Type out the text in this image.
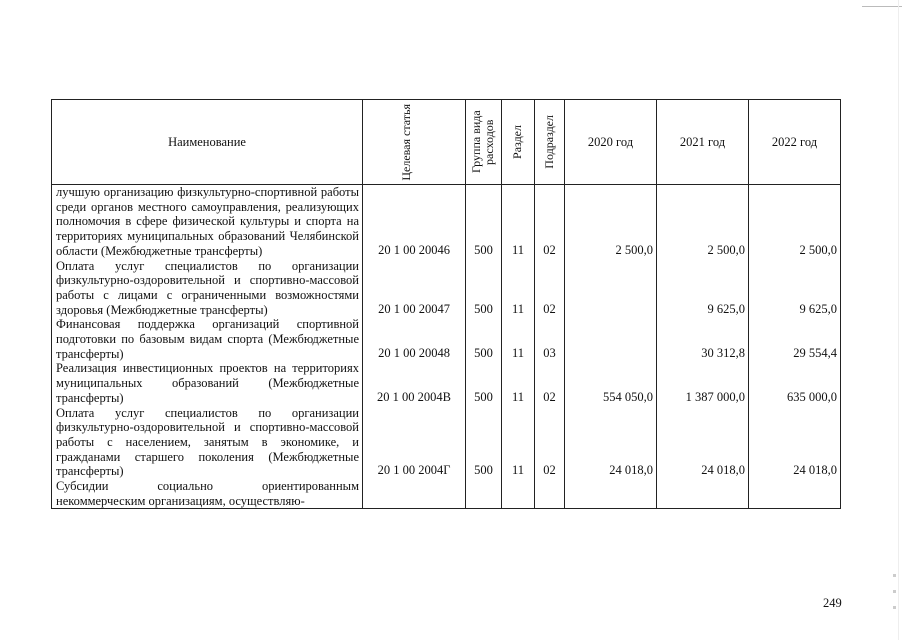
Наименование	Целевая статья	Группа вида расходов	Раздел	Подраздел	2020 год	2021 год	2022 год
лучшую организацию физкультурно-спортивной работы среди органов местного самоуправления, реализующих полномочия в сфере физической культуры и спорта на территориях муниципальных образований Челябинской области (Межбюджетные трансферты)	20 1 00 20046	500	11	02	2 500,0	2 500,0	2 500,0
Оплата услуг специалистов по организации физкультурно-оздоровительной и спортивно-массовой работы с лицами с ограниченными возможностями здоровья (Межбюджетные трансферты)	20 1 00 20047	500	11	02		9 625,0	9 625,0
Финансовая поддержка организаций спортивной подготовки по базовым видам спорта (Межбюджетные трансферты)	20 1 00 20048	500	11	03		30 312,8	29 554,4
Реализация инвестиционных проектов на территориях муниципальных образований (Межбюджетные трансферты)	20 1 00 2004В	500	11	02	554 050,0	1 387 000,0	635 000,0
Оплата услуг специалистов по организации физкультурно-оздоровительной и спортивно-массовой работы с населением, занятым в экономике, и гражданами старшего поколения (Межбюджетные трансферты)	20 1 00 2004Г	500	11	02	24 018,0	24 018,0	24 018,0
Субсидии социально ориентированным некоммерческим организациям, осуществляю-							
249
